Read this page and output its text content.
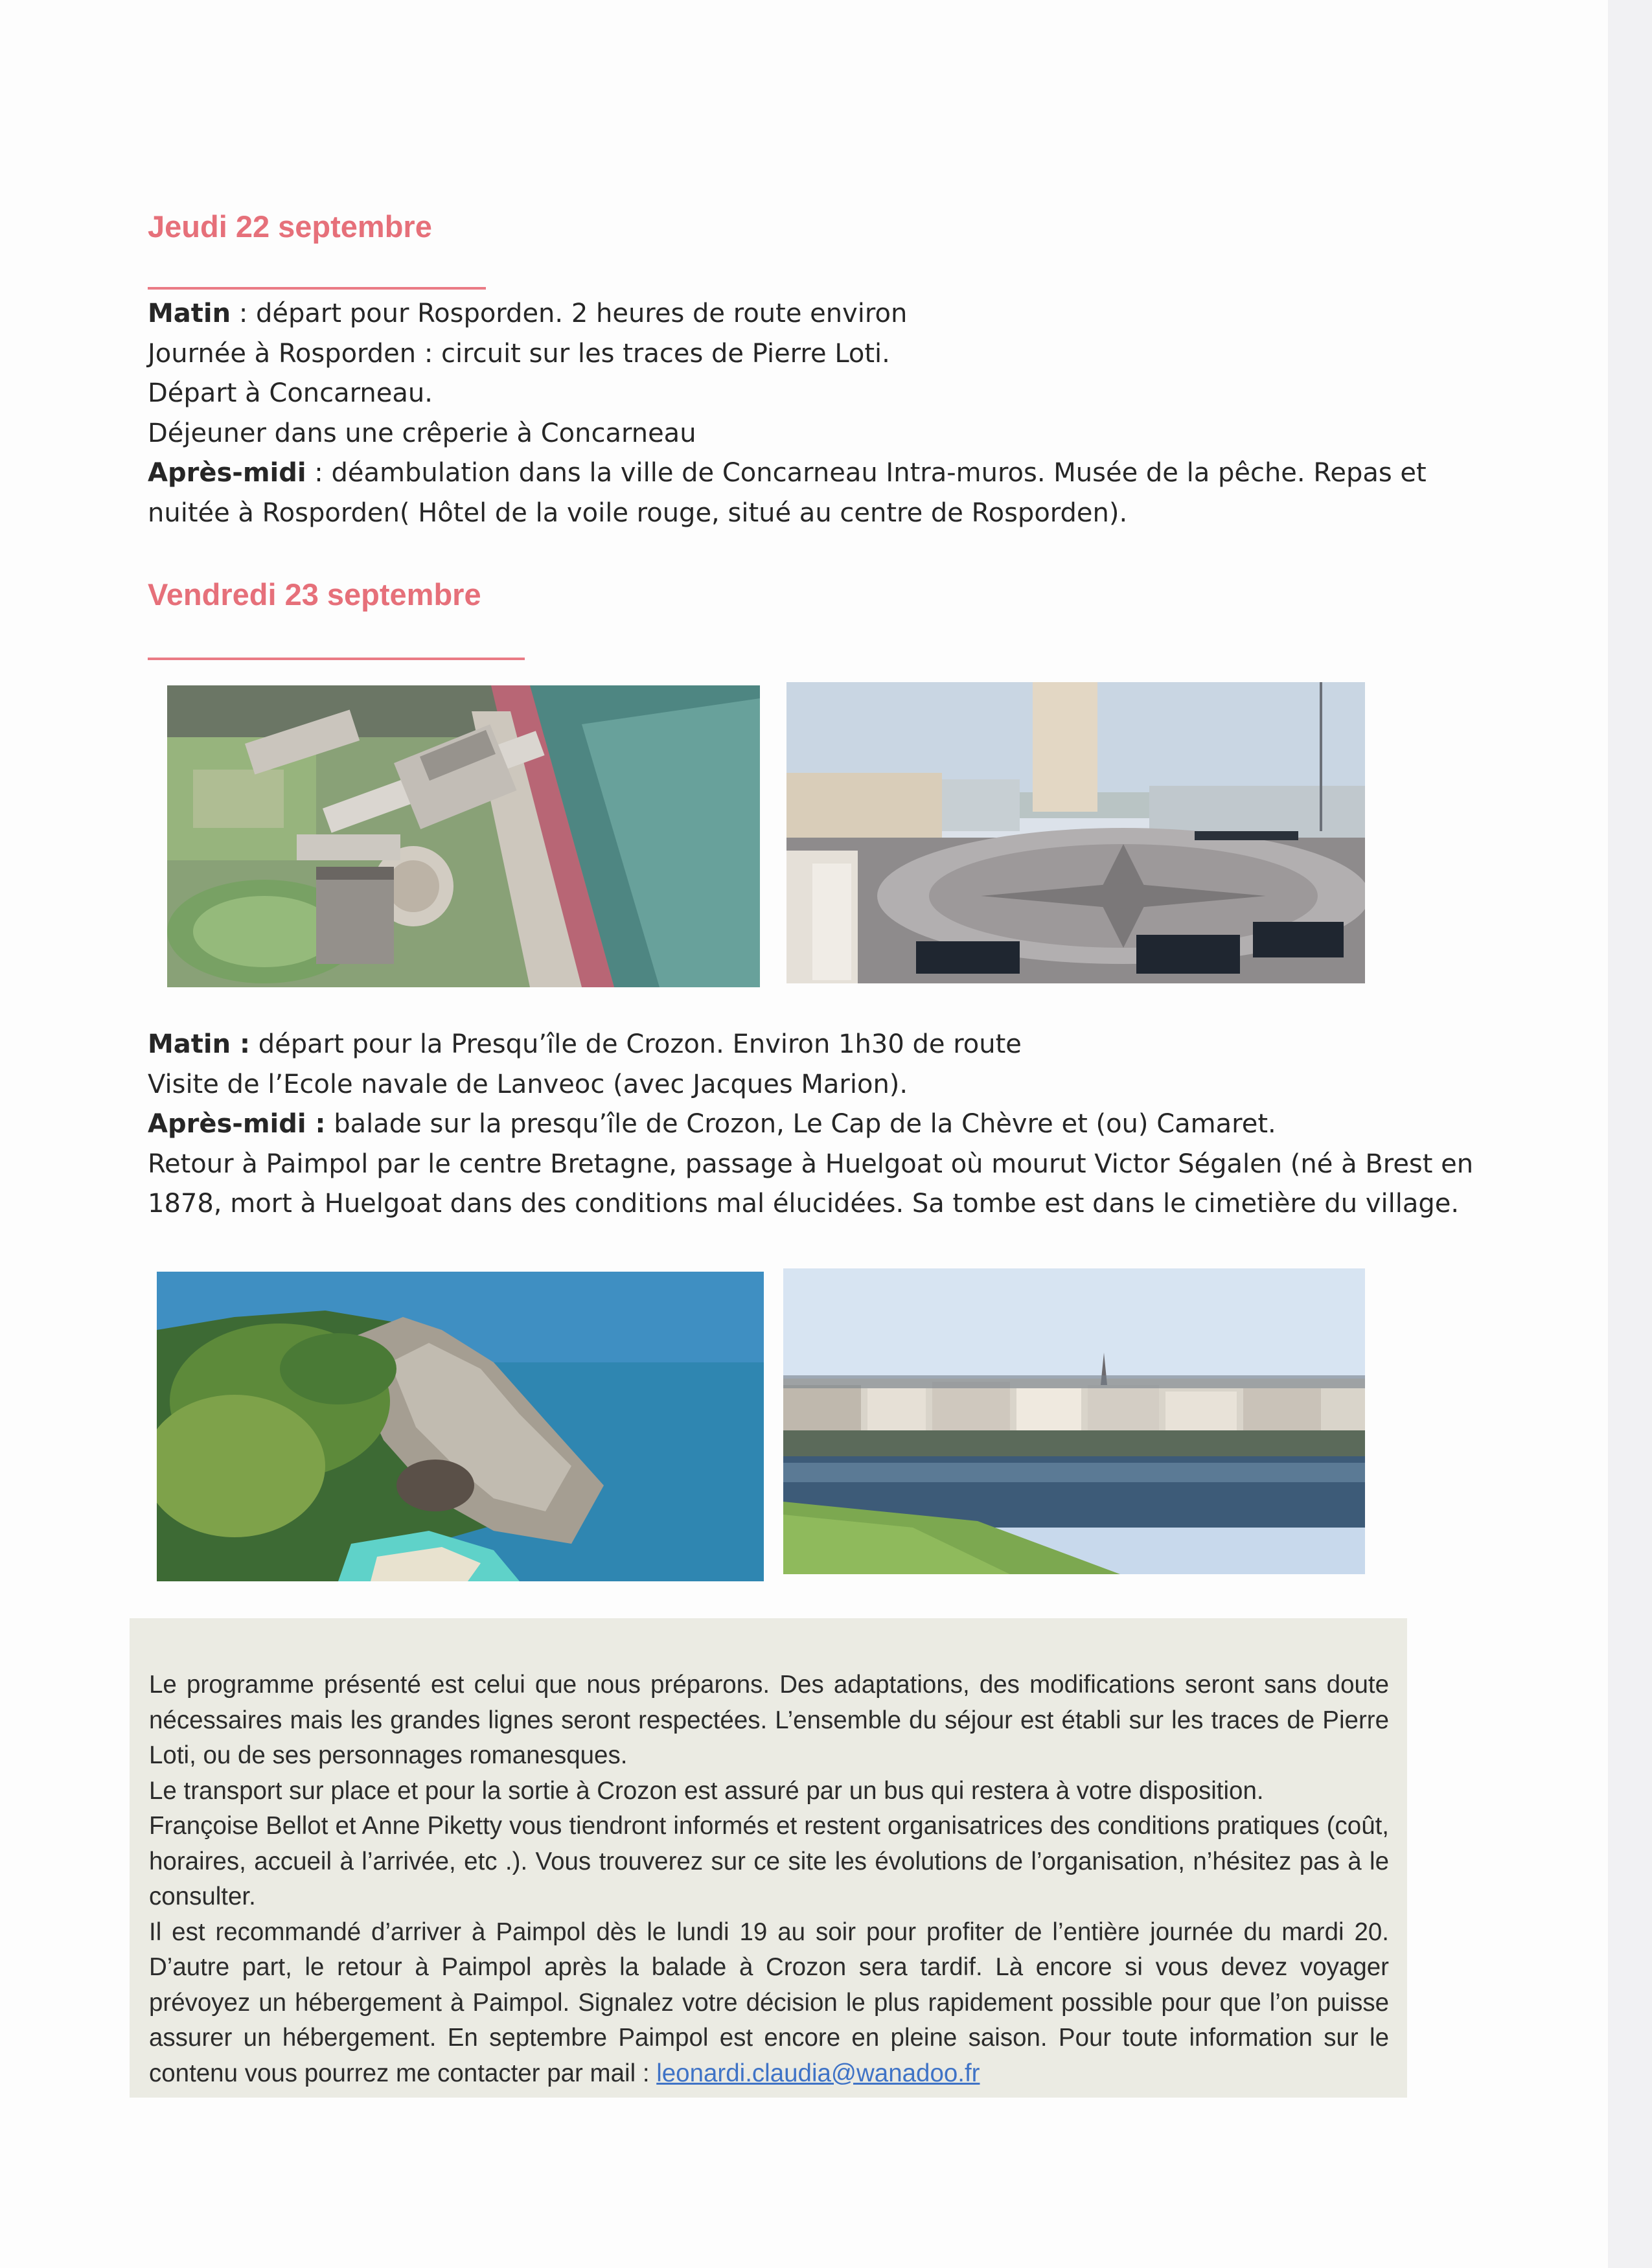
Jeudi 22 septembre

Matin : départ pour Rosporden. 2 heures de route environ

Journée à Rosporden : circuit sur les traces de Pierre Loti.

Départ à Concarneau.

Déjeuner dans une crêperie à Concarneau

Après-midi : déambulation dans la ville de Concarneau Intra-muros. Musée de la pêche. Repas et

nuitée à Rosporden( Hôtel de la voile rouge, situé au centre de Rosporden).

Vendredi 23 septembre

Matin : départ pour la Presqu’île de Crozon. Environ 1h30 de route

Visite de l’Ecole navale de Lanveoc (avec Jacques Marion).

Après-midi : balade sur la presqu’île de Crozon, Le Cap de la Chèvre et (ou) Camaret.

Retour à Paimpol par le centre Bretagne, passage à Huelgoat où mourut Victor Ségalen (né à Brest en

1878, mort à Huelgoat dans des conditions mal élucidées. Sa tombe est dans le cimetière du village.

Le programme présenté est celui que nous préparons. Des adaptations, des modifications seront sans doute nécessaires mais les grandes lignes seront respectées. L’ensemble du séjour est établi sur les traces de Pierre Loti, ou de ses personnages romanesques.
Le transport sur place et pour la sortie à Crozon est assuré par un bus qui restera à votre disposition.
Françoise Bellot et Anne Piketty vous tiendront informés et restent organisatrices des conditions pratiques (coût, horaires, accueil à l’arrivée, etc .). Vous trouverez sur ce site les évolutions de l’organisation, n’hésitez pas à le consulter.
Il est recommandé d’arriver à Paimpol dès le lundi 19 au soir pour profiter de l’entière journée du mardi 20. D’autre part, le retour à Paimpol après la balade à Crozon sera tardif. Là encore si vous devez voyager prévoyez un hébergement à Paimpol. Signalez votre décision le plus rapidement possible pour que l’on puisse assurer un hébergement. En septembre Paimpol est encore en pleine saison. Pour toute information sur le contenu vous pourrez me contacter par mail : leonardi.claudia@wanadoo.fr
